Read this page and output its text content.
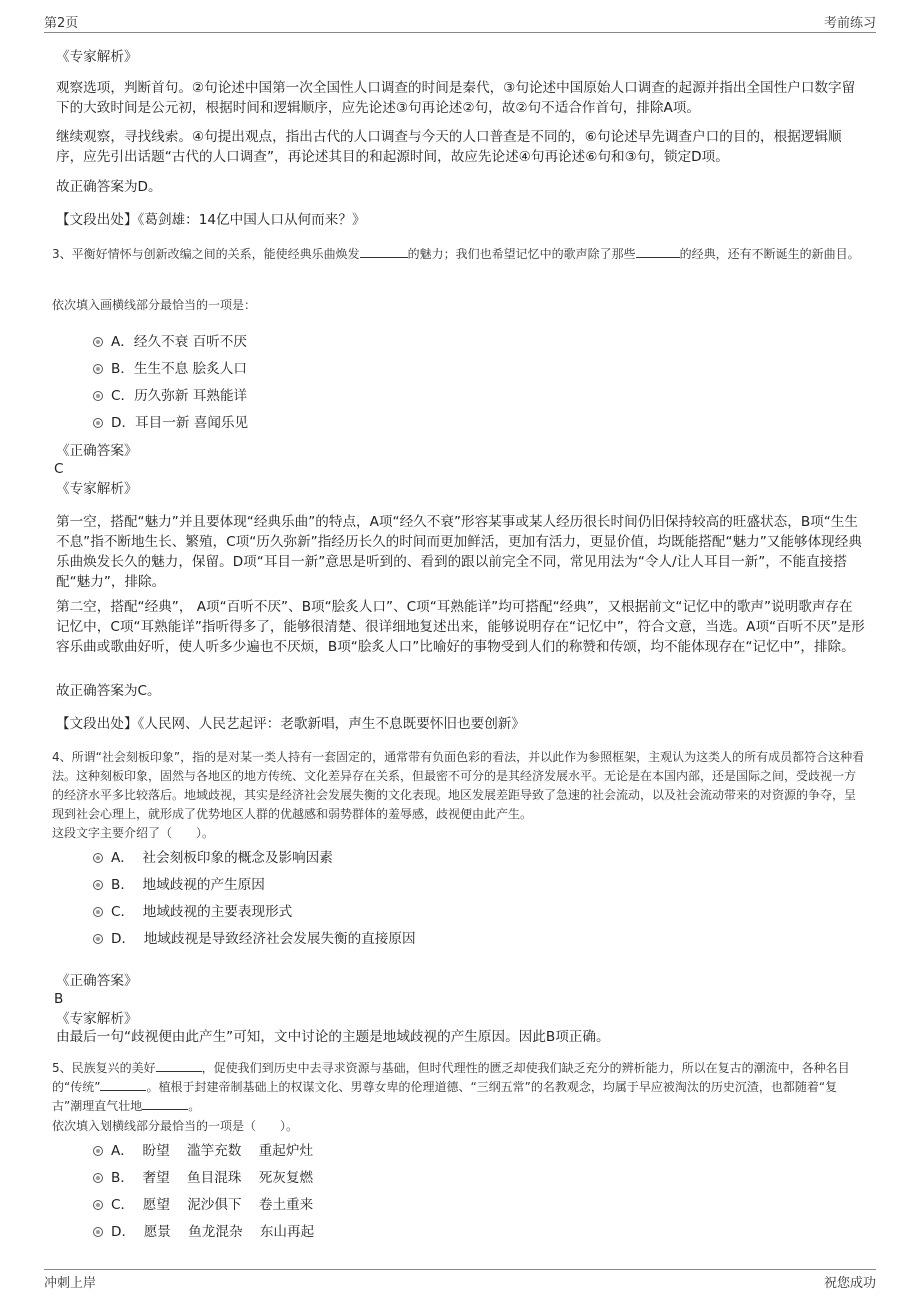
第2页	考前练习
《专家解析》
观察选项，判断首句。②句论述中国第一次全国性人口调查的时间是秦代，③句论述中国原始人口调查的起源并指出全国性户口数字留下的大致时间是公元初，根据时间和逻辑顺序，应先论述③句再论述②句，故②句不适合作首句，排除A项。
继续观察，寻找线索。④句提出观点，指出古代的人口调查与今天的人口普查是不同的，⑥句论述早先调查户口的目的，根据逻辑顺序，应先引出话题“古代的人口调查”，再论述其目的和起源时间，故应先论述④句再论述⑥句和③句，锁定D项。
故正确答案为D。
【文段出处】《葛剑雄：14亿中国人口从何而来？》
3、平衡好情怀与创新改编之间的关系，能使经典乐曲焕发	的魅力；我们也希望记忆中的歌声除了那些	的经典，还有不断诞生的新曲目。
依次填入画横线部分最恰当的一项是：
A．经久不衰 百听不厌
B．生生不息 脍炙人口
C．历久弥新 耳熟能详
D．耳目一新 喜闻乐见
《正确答案》
C
《专家解析》
第一空，搭配“魅力”并且要体现“经典乐曲”的特点，A项“经久不衰”形容某事或某人经历很长时间仍旧保持较高的旺盛状态，B项“生生不息”指不断地生长、繁殖，C项“历久弥新”指经历长久的时间而更加鲜活，更加有活力，更显价值，均既能搭配“魅力”又能够体现经典乐曲焕发长久的魅力，保留。D项“耳目一新”意思是听到的、看到的跟以前完全不同，常见用法为“令人/让人耳目一新”，不能直接搭配“魅力”，排除。
第二空，搭配“经典”， A项“百听不厌”、B项“脍炙人口”、C项“耳熟能详”均可搭配“经典”，又根据前文“记忆中的歌声”说明歌声存在记忆中，C项“耳熟能详”指听得多了，能够很清楚、很详细地复述出来，能够说明存在“记忆中”，符合文意，当选。A项“百听不厌”是形容乐曲或歌曲好听，使人听多少遍也不厌烦，B项“脍炙人口”比喻好的事物受到人们的称赞和传颂，均不能体现存在“记忆中”，排除。
故正确答案为C。
【文段出处】《人民网、人民艺起评：老歌新唱，声生不息既要怀旧也要创新》
4、所谓“社会刻板印象”，指的是对某一类人持有一套固定的，通常带有负面色彩的看法，并以此作为参照框架，主观认为这类人的所有成员都符合这种看法。这种刻板印象，固然与各地区的地方传统、文化差异存在关系，但最密不可分的是其经济发展水平。无论是在本国内部，还是国际之间，受歧视一方的经济水平多比较落后。地域歧视，其实是经济社会发展失衡的文化表现。地区发展差距导致了急速的社会流动，以及社会流动带来的对资源的争夺，呈现到社会心理上，就形成了优势地区人群的优越感和弱势群体的羞辱感，歧视便由此产生。
这段文字主要介绍了（　　）。
A．  社会刻板印象的概念及影响因素
B．  地域歧视的产生原因
C．  地域歧视的主要表现形式
D．  地域歧视是导致经济社会发展失衡的直接原因
《正确答案》
B
《专家解析》
由最后一句“歧视便由此产生”可知，文中讨论的主题是地域歧视的产生原因。因此B项正确。
5、民族复兴的美好	，促使我们到历史中去寻求资源与基础，但时代理性的匮乏却使我们缺乏充分的辨析能力，所以在复古的潮流中，各种名目的“传统”	。植根于封建帝制基础上的权谋文化、男尊女卑的伦理道德、“三纲五常”的名教观念，均属于早应被淘汰的历史沉渣，也都随着“复古”潮理直气壮地	。
依次填入划横线部分最恰当的一项是（　　）。
A．  盼望    滥竽充数    重起炉灶
B．  奢望    鱼目混珠    死灰复燃
C．  愿望    泥沙俱下    卷土重来
D．  愿景    鱼龙混杂    东山再起
冲刺上岸	祝您成功
